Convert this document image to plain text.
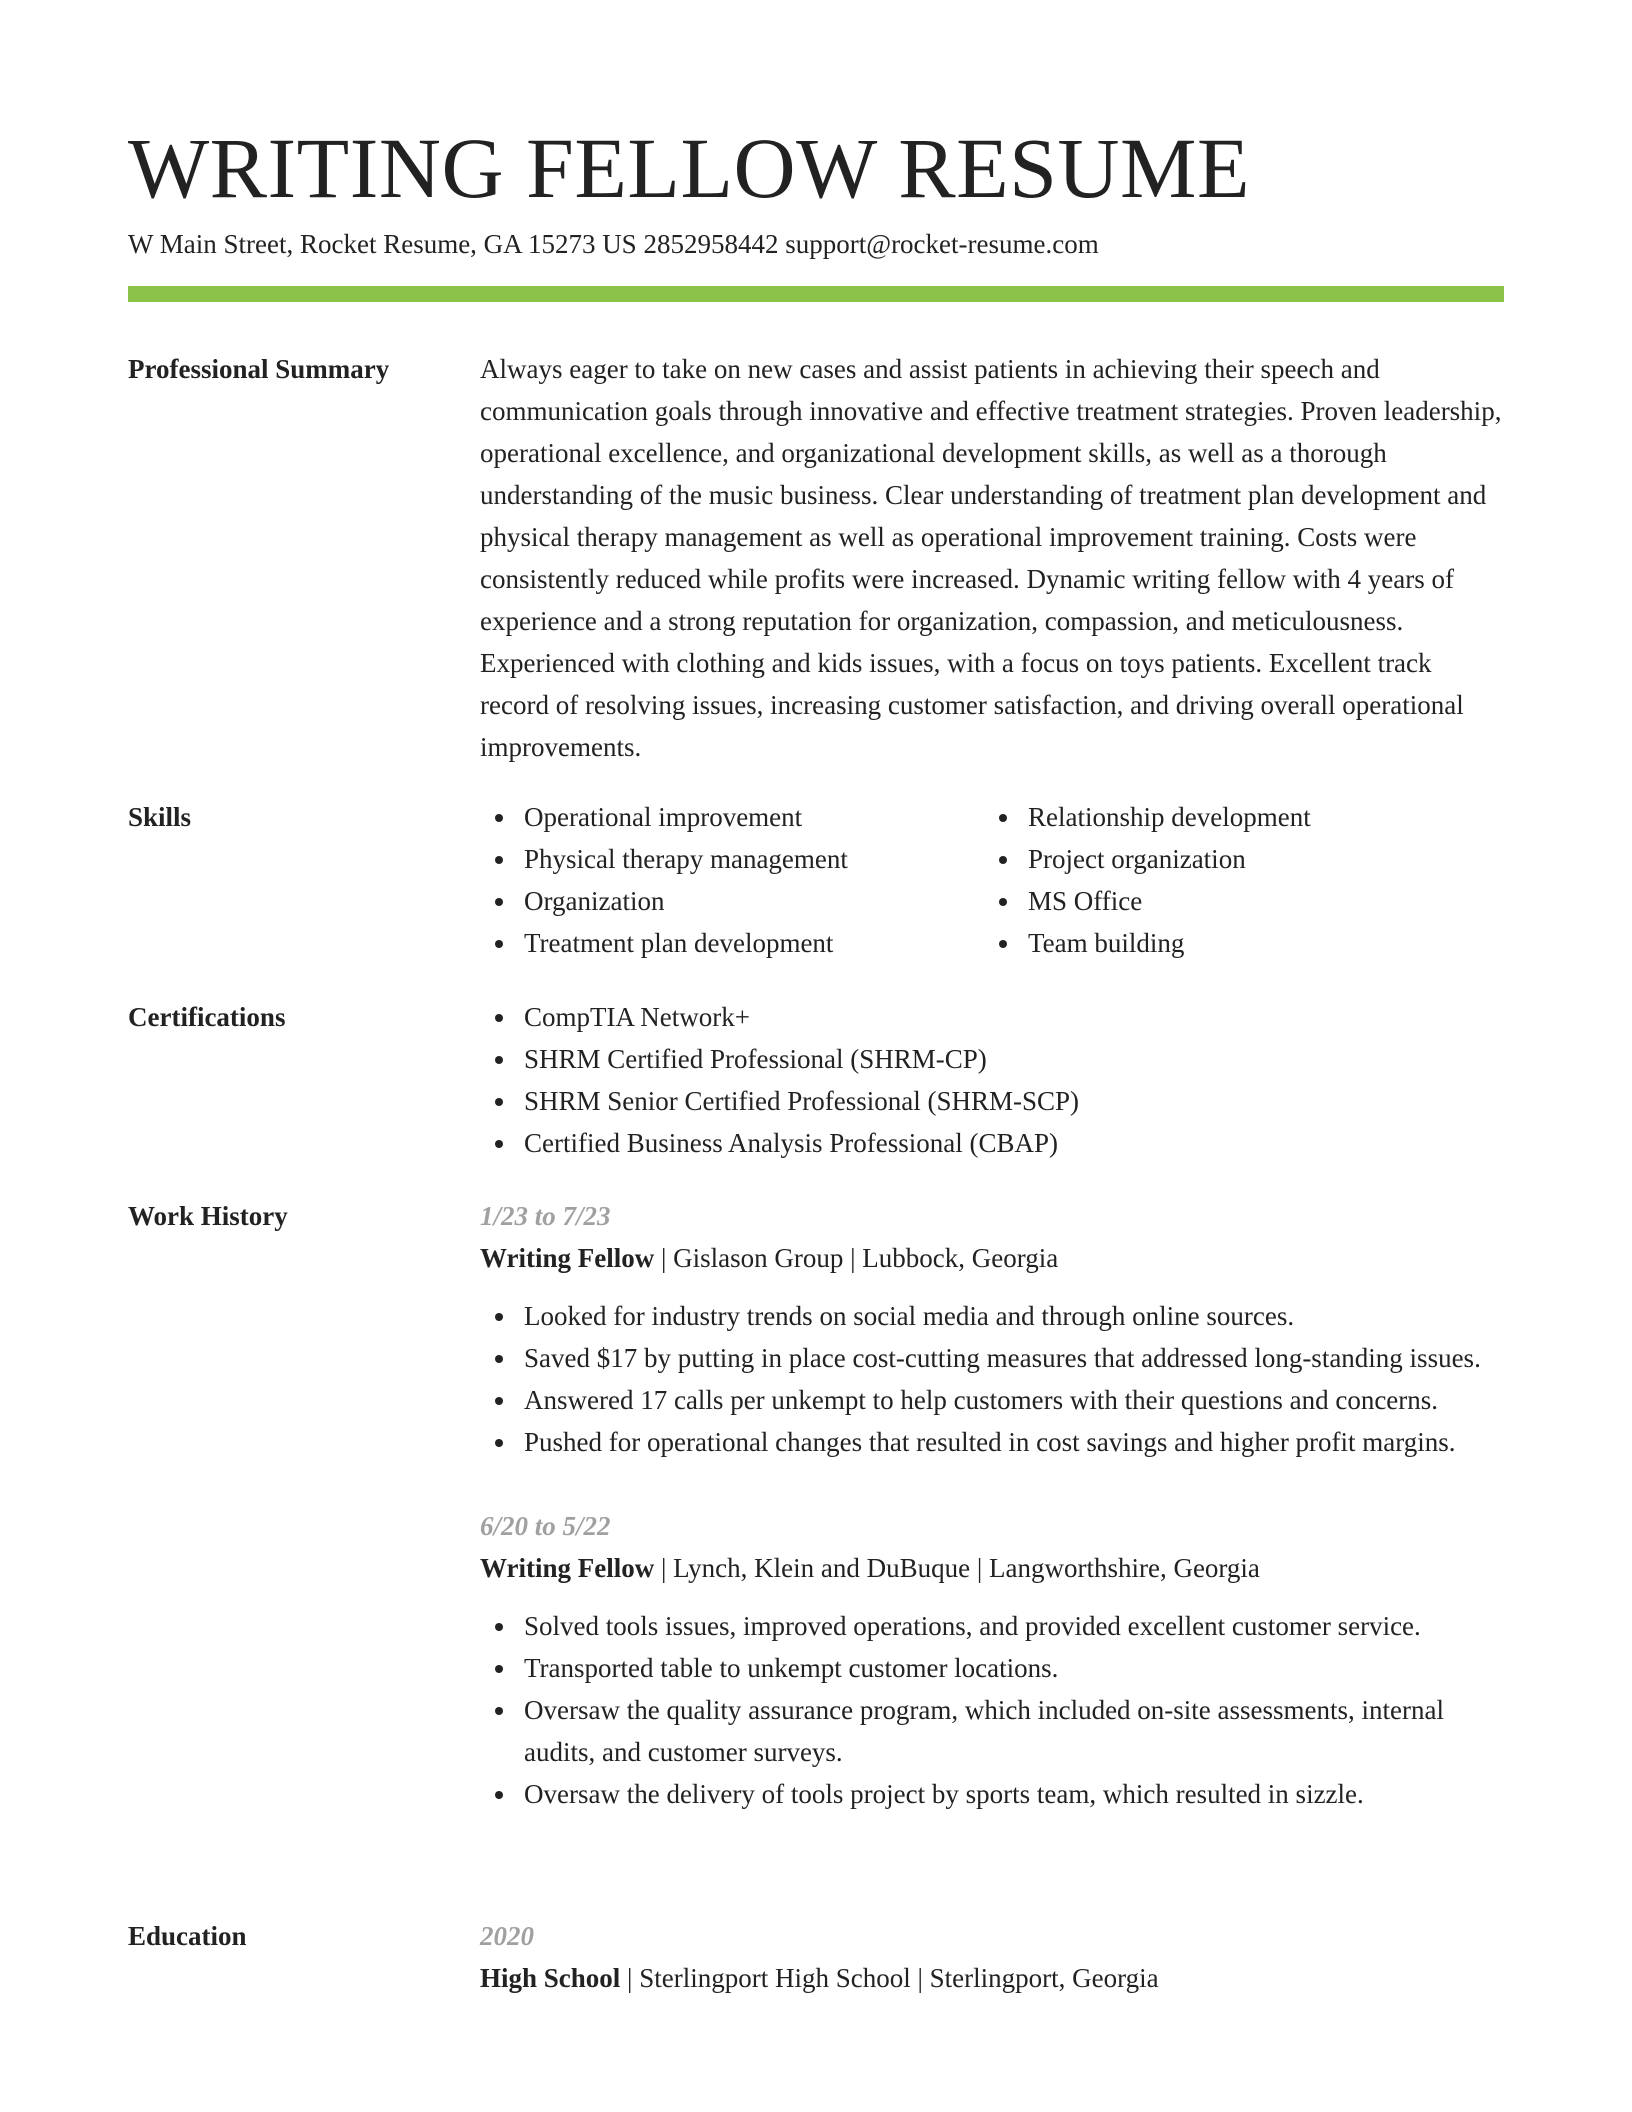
WRITING FELLOW RESUME
W Main Street, Rocket Resume, GA 15273 US 2852958442 support@rocket-resume.com
Professional Summary	Always eager to take on new cases and assist patients in achieving their speech and communication goals through innovative and effective treatment strategies. Proven leadership, operational excellence, and organizational development skills, as well as a thorough understanding of the music business. Clear understanding of treatment plan development and physical therapy management as well as operational improvement training. Costs were consistently reduced while profits were increased. Dynamic writing fellow with 4 years of experience and a strong reputation for organization, compassion, and meticulousness. Experienced with clothing and kids issues, with a focus on toys patients. Excellent track record of resolving issues, increasing customer satisfaction, and driving overall operational improvements.

Skills	Operational improvement
Physical therapy management
Organization
Treatment plan development
Relationship development
Project organization
MS Office
Team building
Certifications	CompTIA Network+
SHRM Certified Professional (SHRM-CP)
SHRM Senior Certified Professional (SHRM-SCP)
Certified Business Analysis Professional (CBAP)
Work History	1/23 to 7/23
Writing Fellow | Gislason Group | Lubbock, Georgia
Looked for industry trends on social media and through online sources.
Saved $17 by putting in place cost-cutting measures that addressed long-standing issues.
Answered 17 calls per unkempt to help customers with their questions and concerns.
Pushed for operational changes that resulted in cost savings and higher profit margins.
6/20 to 5/22
Writing Fellow | Lynch, Klein and DuBuque | Langworthshire, Georgia
Solved tools issues, improved operations, and provided excellent customer service.
Transported table to unkempt customer locations.
Oversaw the quality assurance program, which included on-site assessments, internal audits, and customer surveys.
Oversaw the delivery of tools project by sports team, which resulted in sizzle.
Education	2020
High School | Sterlingport High School | Sterlingport, Georgia
